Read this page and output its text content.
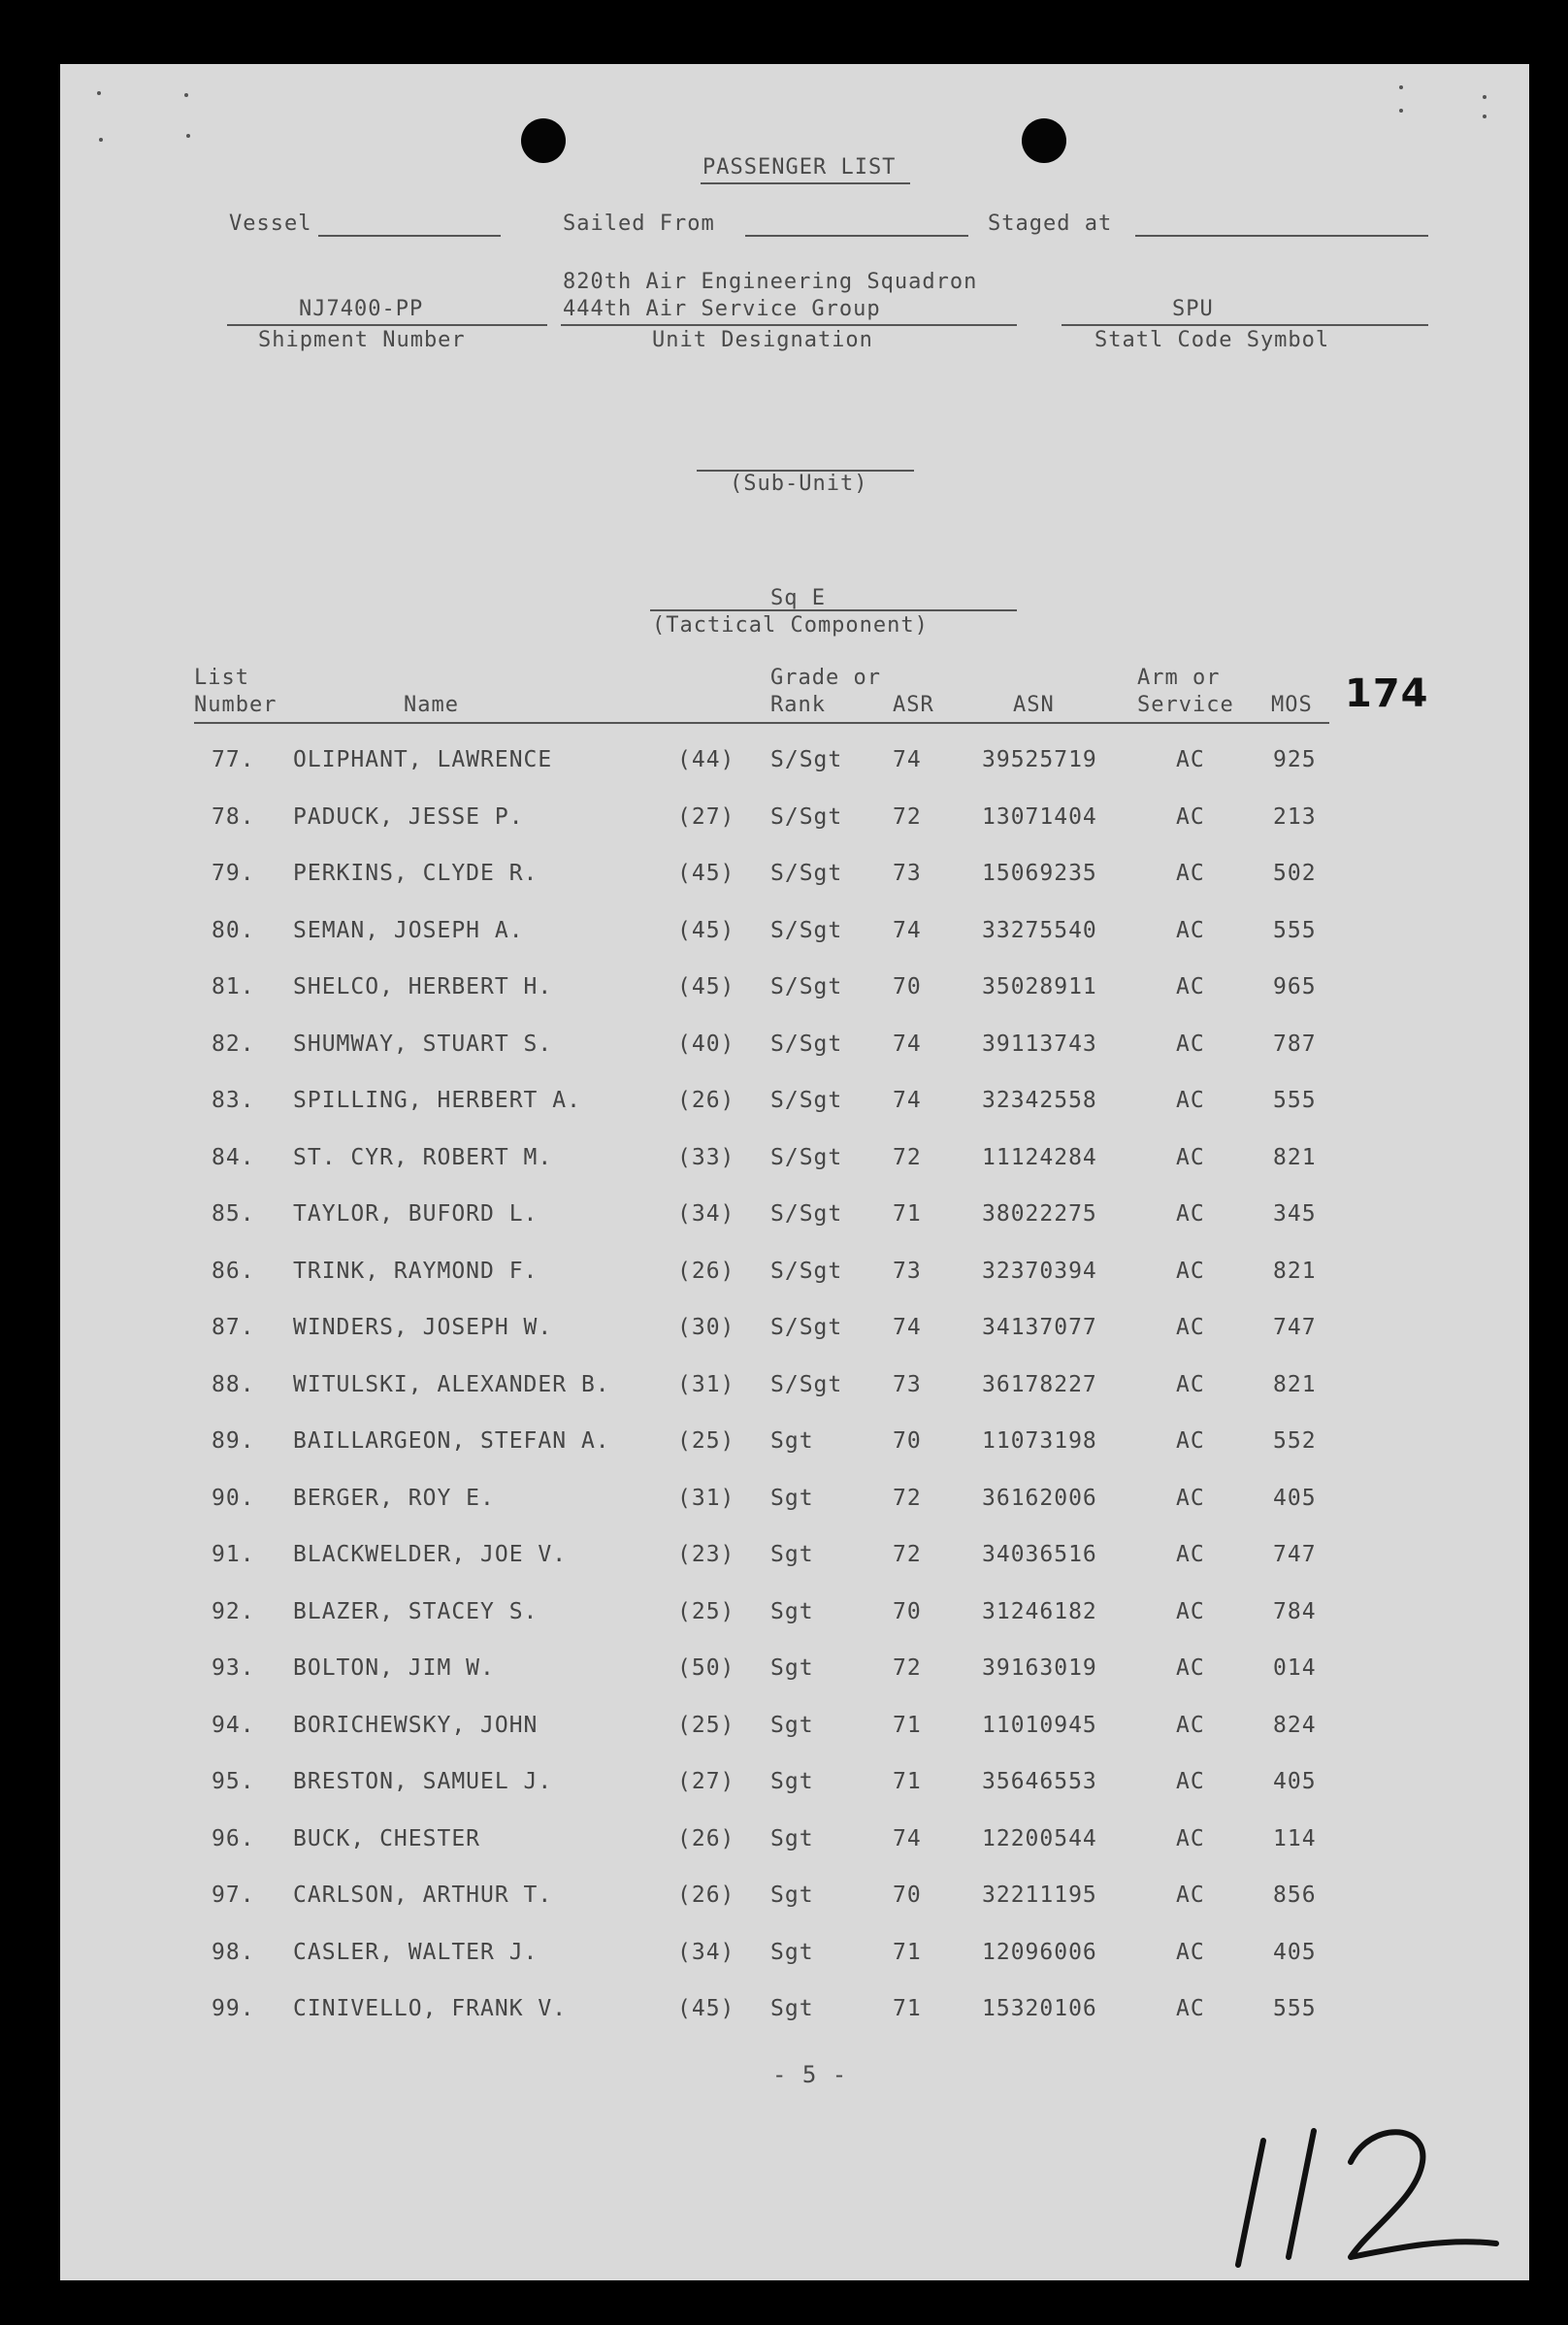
PASSENGER LIST
Vessel	Sailed From	Staged at
NJ7400-PP
Shipment Number
820th Air Engineering Squadron
444th Air Service Group
Unit Designation
SPU
Statl Code Symbol
(Sub-Unit)
Sq E
(Tactical Component)
174
List
Number	Name
Grade or
Rank	ASR	ASN
Arm or
Service MOS
77. OLIPHANT, LAWRENCE	(44) S/Sgt 74	39525719	AC	925
78. PADUCK, JESSE P.	(27) S/Sgt 72	13071404	AC	213
79. PERKINS, CLYDE R.	(45) S/Sgt 73	15069235	AC	502
80. SEMAN, JOSEPH A.	(45) S/Sgt 74	33275540	AC	555
81. SHELCO, HERBERT H.	(45) S/Sgt 70	35028911	AC	965
82. SHUMWAY, STUART S.	(40) S/Sgt 74	39113743	AC	787
83. SPILLING, HERBERT A.	(26) S/Sgt 74	32342558	AC	555
84. ST. CYR, ROBERT M.	(33) S/Sgt 72	11124284	AC	821
85. TAYLOR, BUFORD L.	(34) S/Sgt 71	38022275	AC	345
86. TRINK, RAYMOND F.	(26) S/Sgt 73	32370394	AC	821
87. WINDERS, JOSEPH W.	(30) S/Sgt 74	34137077	AC	747
88. WITULSKI, ALEXANDER B.	(31) S/Sgt 73	36178227	AC	821
89. BAILLARGEON, STEFAN A.	(25) Sgt	70	11073198	AC	552
90. BERGER, ROY E.	(31) Sgt	72	36162006	AC	405
91. BLACKWELDER, JOE V.	(23) Sgt	72	34036516	AC	747
92. BLAZER, STACEY S.	(25) Sgt	70	31246182	AC	784
93. BOLTON, JIM W.	(50) Sgt	72	39163019	AC	014
94. BORICHEWSKY, JOHN	(25) Sgt	71	11010945	AC	824
95. BRESTON, SAMUEL J.	(27) Sgt	71	35646553	AC	405
96. BUCK, CHESTER	(26) Sgt	74	12200544	AC	114
97. CARLSON, ARTHUR T.	(26) Sgt	70	32211195	AC	856
98. CASLER, WALTER J.	(34) Sgt	71	12096006	AC	405
99. CINIVELLO, FRANK V.	(45) Sgt	71	15320106	AC	555
- 5 -
